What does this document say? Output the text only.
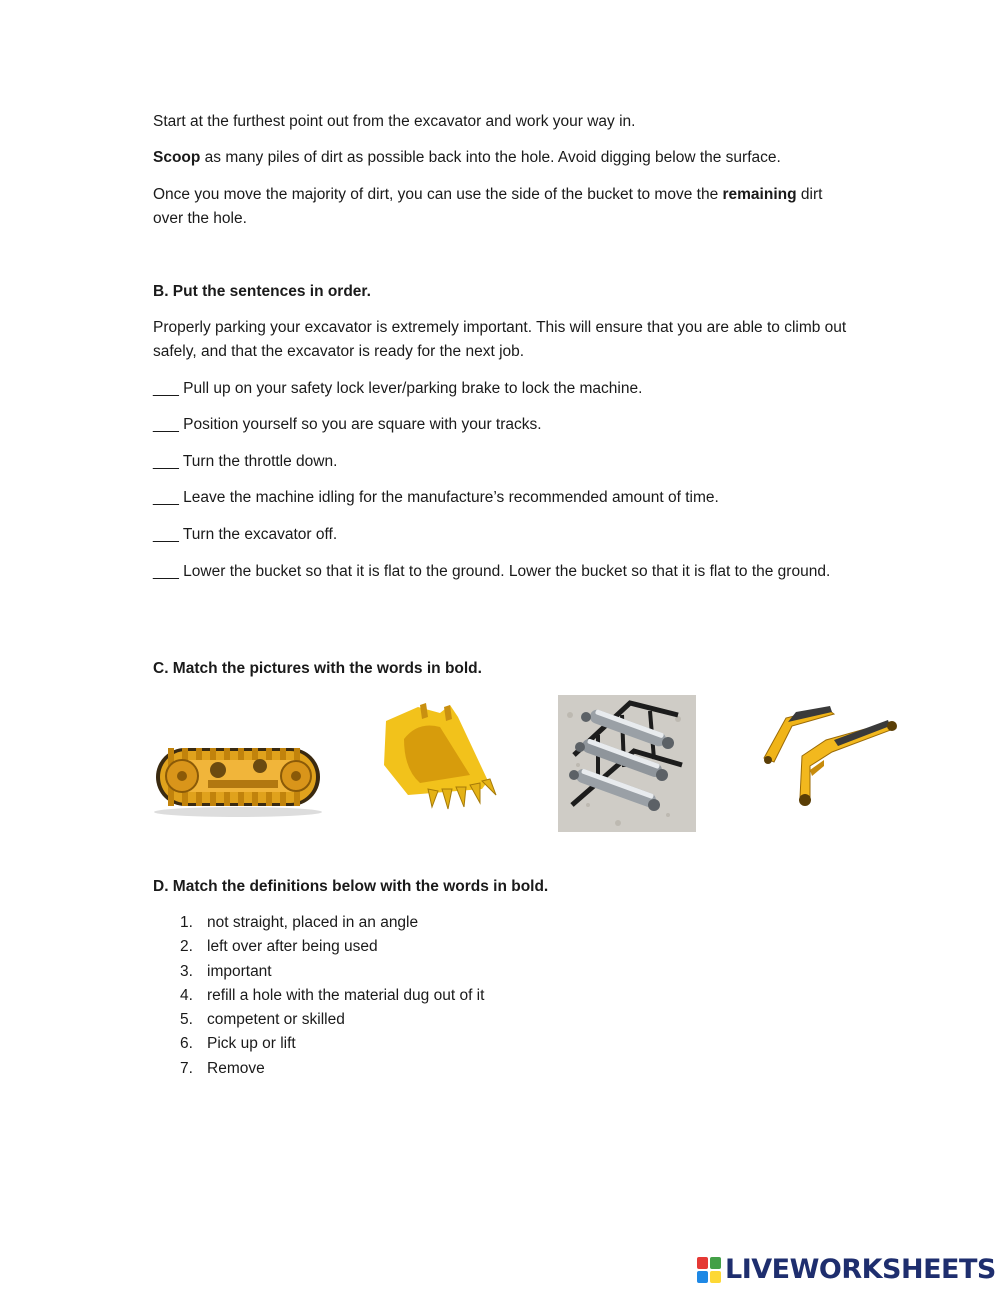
Start at the furthest point out from the excavator and work your way in.

Scoop as many piles of dirt as possible back into the hole. Avoid digging below the surface.

Once you move the majority of dirt, you can use the side of the bucket to move the remaining dirt over the hole.

B. Put the sentences in order.

Properly parking your excavator is extremely important. This will ensure that you are able to climb out safely, and that the excavator is ready for the next job.

___ Pull up on your safety lock lever/parking brake to lock the machine.

___ Position yourself so you are square with your tracks.

___ Turn the throttle down.

___ Leave the machine idling for the manufacture’s recommended amount of time.

___ Turn the excavator off.

___ Lower the bucket so that it is flat to the ground. Lower the bucket so that it is flat to the ground.

C. Match the pictures with the words in bold.

D. Match the definitions below with the words in bold.

1. not straight, placed in an angle
2. left over after being used
3. important
4. refill a hole with the material dug out of it
5. competent or skilled
6. Pick up or lift
7. Remove
LIVEWORKSHEETS
